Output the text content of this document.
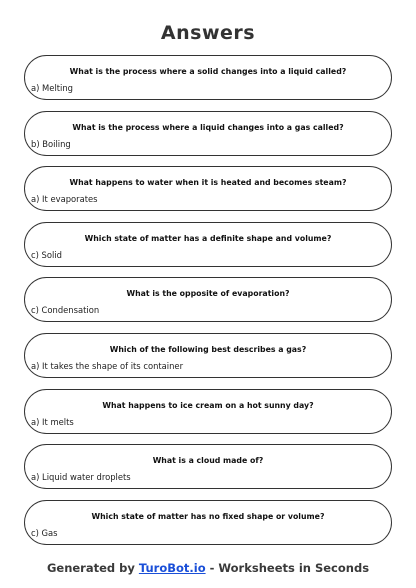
Answers
What is the process where a solid changes into a liquid called?
a) Melting
What is the process where a liquid changes into a gas called?
b) Boiling
What happens to water when it is heated and becomes steam?
a) It evaporates
Which state of matter has a definite shape and volume?
c) Solid
What is the opposite of evaporation?
c) Condensation
Which of the following best describes a gas?
a) It takes the shape of its container
What happens to ice cream on a hot sunny day?
a) It melts
What is a cloud made of?
a) Liquid water droplets
Which state of matter has no fixed shape or volume?
c) Gas
Generated by TuroBot.io - Worksheets in Seconds
